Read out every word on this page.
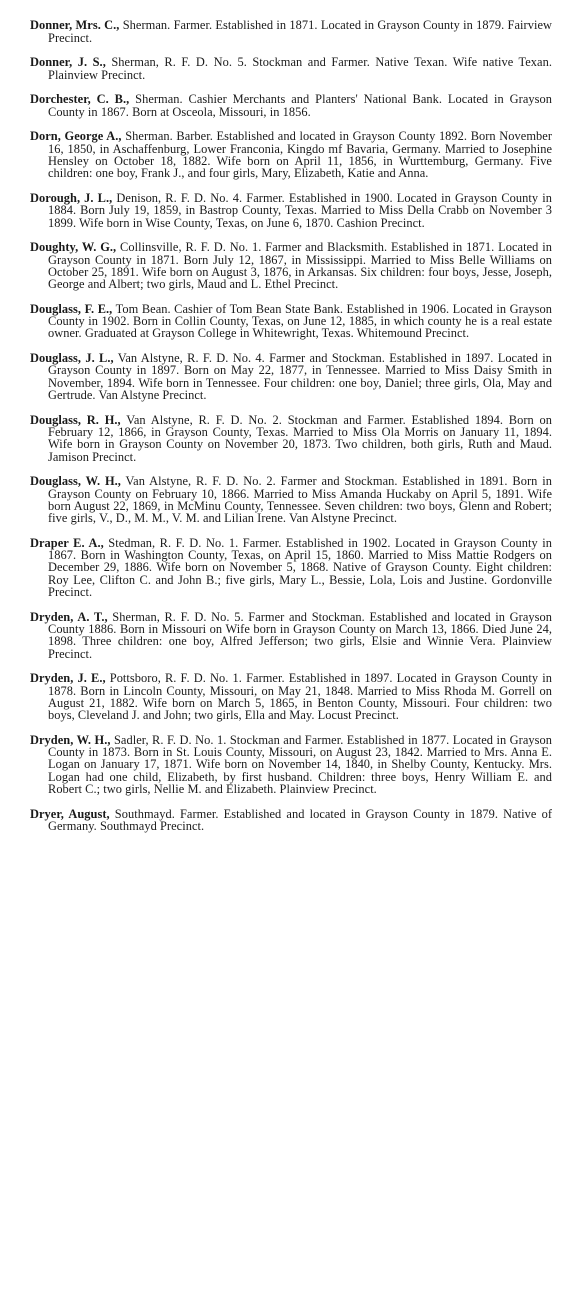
Donner, Mrs. C., Sherman. Farmer. Established in 1871. Located in Grayson County in 1879. Fairview Precinct.

Donner, J. S., Sherman, R. F. D. No. 5. Stockman and Farmer. Native Texan. Wife native Texan. Plainview Precinct.

Dorchester, C. B., Sherman. Cashier Merchants and Planters' National Bank. Located in Grayson County in 1867. Born at Osceola, Missouri, in 1856.

Dorn, George A., Sherman. Barber. Established and located in Grayson County 1892. Born November 16, 1850, in Aschaffenburg, Lower Franconia, Kingdo mf Bavaria, Germany. Married to Josephine Hensley on October 18, 1882. Wife born on April 11, 1856, in Wurttemburg, Germany. Five children: one boy, Frank J., and four girls, Mary, Elizabeth, Katie and Anna.

Dorough, J. L., Denison, R. F. D. No. 4. Farmer. Established in 1900. Located in Grayson County in 1884. Born July 19, 1859, in Bastrop County, Texas. Married to Miss Della Crabb on November 3 1899. Wife born in Wise County, Texas, on June 6, 1870. Cashion Precinct.

Doughty, W. G., Collinsville, R. F. D. No. 1. Farmer and Blacksmith. Established in 1871. Located in Grayson County in 1871. Born July 12, 1867, in Mississippi. Married to Miss Belle Williams on October 25, 1891. Wife born on August 3, 1876, in Arkansas. Six children: four boys, Jesse, Joseph, George and Albert; two girls, Maud and L. Ethel Precinct.

Douglass, F. E., Tom Bean. Cashier of Tom Bean State Bank. Established in 1906. Located in Grayson County in 1902. Born in Collin County, Texas, on June 12, 1885, in which county he is a real estate owner. Graduated at Grayson College in Whitewright, Texas. Whitemound Precinct.

Douglass, J. L., Van Alstyne, R. F. D. No. 4. Farmer and Stockman. Established in 1897. Located in Grayson County in 1897. Born on May 22, 1877, in Tennessee. Married to Miss Daisy Smith in November, 1894. Wife born in Tennessee. Four children: one boy, Daniel; three girls, Ola, May and Gertrude. Van Alstyne Precinct.

Douglass, R. H., Van Alstyne, R. F. D. No. 2. Stockman and Farmer. Established 1894. Born on February 12, 1866, in Grayson County, Texas. Married to Miss Ola Morris on January 11, 1894. Wife born in Grayson County on November 20, 1873. Two children, both girls, Ruth and Maud. Jamison Precinct.

Douglass, W. H., Van Alstyne, R. F. D. No. 2. Farmer and Stockman. Established in 1891. Born in Grayson County on February 10, 1866. Married to Miss Amanda Huckaby on April 5, 1891. Wife born August 22, 1869, in McMinu County, Tennessee. Seven children: two boys, Glenn and Robert; five girls, V., D., M. M., V. M. and Lilian Irene. Van Alstyne Precinct.

Draper E. A., Stedman, R. F. D. No. 1. Farmer. Established in 1902. Located in Grayson County in 1867. Born in Washington County, Texas, on April 15, 1860. Married to Miss Mattie Rodgers on December 29, 1886. Wife born on November 5, 1868. Native of Grayson County. Eight children: Roy Lee, Clifton C. and John B.; five girls, Mary L., Bessie, Lola, Lois and Justine. Gordonville Precinct.

Dryden, A. T., Sherman, R. F. D. No. 5. Farmer and Stockman. Established and located in Grayson County 1886. Born in Missouri on Wife born in Grayson County on March 13, 1866. Died June 24, 1898. Three children: one boy, Alfred Jefferson; two girls, Elsie and Winnie Vera. Plainview Precinct.

Dryden, J. E., Pottsboro, R. F. D. No. 1. Farmer. Established in 1897. Located in Grayson County in 1878. Born in Lincoln County, Missouri, on May 21, 1848. Married to Miss Rhoda M. Gorrell on August 21, 1882. Wife born on March 5, 1865, in Benton County, Missouri. Four children: two boys, Cleveland J. and John; two girls, Ella and May. Locust Precinct.

Dryden, W. H., Sadler, R. F. D. No. 1. Stockman and Farmer. Established in 1877. Located in Grayson County in 1873. Born in St. Louis County, Missouri, on August 23, 1842. Married to Mrs. Anna E. Logan on January 17, 1871. Wife born on November 14, 1840, in Shelby County, Kentucky. Mrs. Logan had one child, Elizabeth, by first husband. Children: three boys, Henry William E. and Robert C.; two girls, Nellie M. and Elizabeth. Plainview Precinct.

Dryer, August, Southmayd. Farmer. Established and located in Grayson County in 1879. Native of Germany. Southmayd Precinct.
